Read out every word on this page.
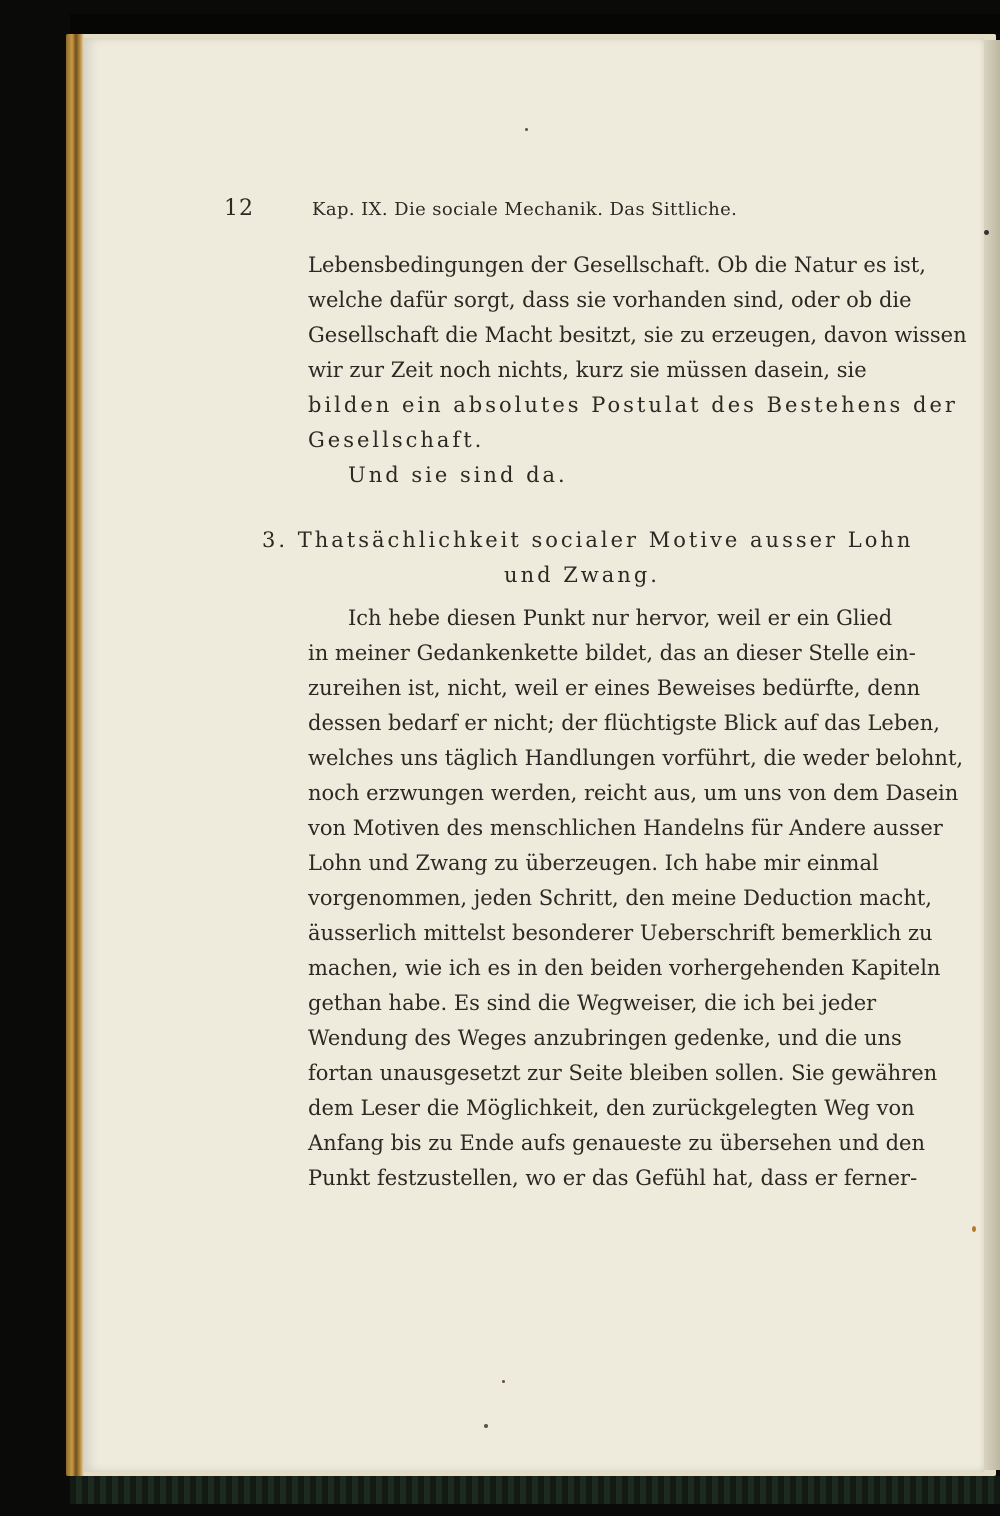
12	Kap. IX. Die sociale Mechanik. Das Sittliche.
Lebensbedingungen der Gesellschaft. Ob die Natur es ist,
welche dafür sorgt, dass sie vorhanden sind, oder ob die
Gesellschaft die Macht besitzt, sie zu erzeugen, davon wissen
wir zur Zeit noch nichts, kurz sie müssen dasein, sie
bilden ein absolutes Postulat des Bestehens der
Gesellschaft.
Und sie sind da.
3. Thatsächlichkeit socialer Motive ausser Lohn
und Zwang.
Ich hebe diesen Punkt nur hervor, weil er ein Glied
in meiner Gedankenkette bildet, das an dieser Stelle ein-
zureihen ist, nicht, weil er eines Beweises bedürfte, denn
dessen bedarf er nicht; der flüchtigste Blick auf das Leben,
welches uns täglich Handlungen vorführt, die weder belohnt,
noch erzwungen werden, reicht aus, um uns von dem Dasein
von Motiven des menschlichen Handelns für Andere ausser
Lohn und Zwang zu überzeugen. Ich habe mir einmal
vorgenommen, jeden Schritt, den meine Deduction macht,
äusserlich mittelst besonderer Ueberschrift bemerklich zu
machen, wie ich es in den beiden vorhergehenden Kapiteln
gethan habe. Es sind die Wegweiser, die ich bei jeder
Wendung des Weges anzubringen gedenke, und die uns
fortan unausgesetzt zur Seite bleiben sollen. Sie gewähren
dem Leser die Möglichkeit, den zurückgelegten Weg von
Anfang bis zu Ende aufs genaueste zu übersehen und den
Punkt festzustellen, wo er das Gefühl hat, dass er ferner-
